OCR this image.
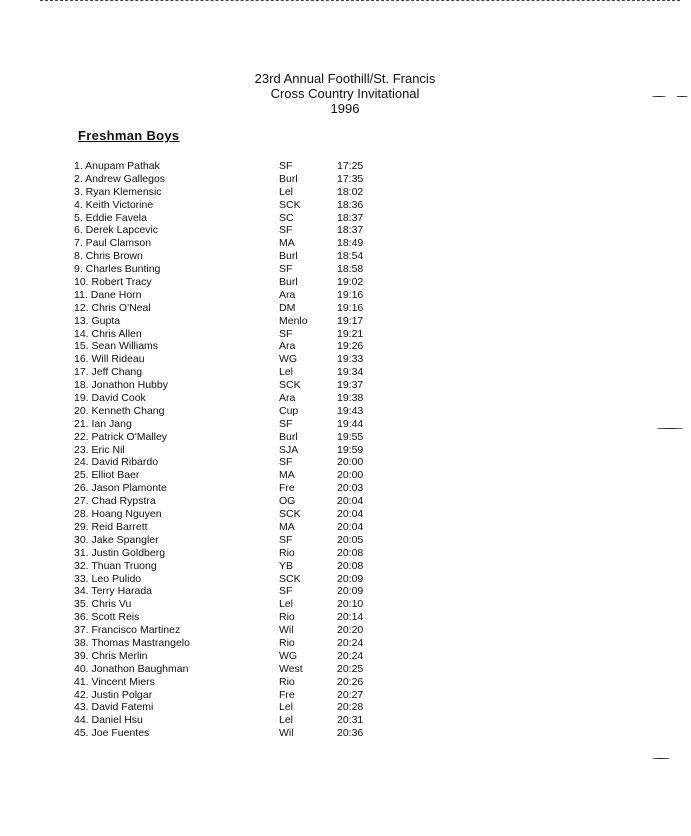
23rd Annual Foothill/St. Francis
Cross Country Invitational
1996
Freshman Boys
1. Anupam Pathak	SF	17:25
2. Andrew Gallegos	Burl	17:35
3. Ryan Klemensic	Lel	18:02
4. Keith Victorine	SCK	18:36
5. Eddie Favela	SC	18:37
6. Derek Lapcevic	SF	18:37
7. Paul Clamson	MA	18:49
8. Chris Brown	Burl	18:54
9. Charles Bunting	SF	18:58
10. Robert Tracy	Burl	19:02
11. Dane Horn	Ara	19:16
12. Chris O'Neal	DM	19:16
13. Gupta	Menlo	19:17
14. Chris Allen	SF	19:21
15. Sean Williams	Ara	19:26
16. Will Rideau	WG	19:33
17. Jeff Chang	Lel	19:34
18. Jonathon Hubby	SCK	19:37
19. David Cook	Ara	19:38
20. Kenneth Chang	Cup	19:43
21. Ian Jang	SF	19:44
22. Patrick O'Malley	Burl	19:55
23. Eric Nil	SJA	19:59
24. David Ribardo	SF	20:00
25. Elliot Baer	MA	20:00
26. Jason Plamonte	Fre	20:03
27. Chad Rypstra	OG	20:04
28. Hoang Nguyen	SCK	20:04
29. Reid Barrett	MA	20:04
30. Jake Spangler	SF	20:05
31. Justin Goldberg	Rio	20:08
32. Thuan Truong	YB	20:08
33. Leo Pulido	SCK	20:09
34. Terry Harada	SF	20:09
35. Chris Vu	Lel	20:10
36. Scott Reis	Rio	20:14
37. Francisco Martinez	Wil	20:20
38. Thomas Mastrangelo	Rio	20:24
39. Chris Merlin	WG	20:24
40. Jonathon Baughman	West	20:25
41. Vincent Miers	Rio	20:26
42. Justin Polgar	Fre	20:27
43. David Fatemi	Lel	20:28
44. Daniel Hsu	Lel	20:31
45. Joe Fuentes	Wil	20:36
